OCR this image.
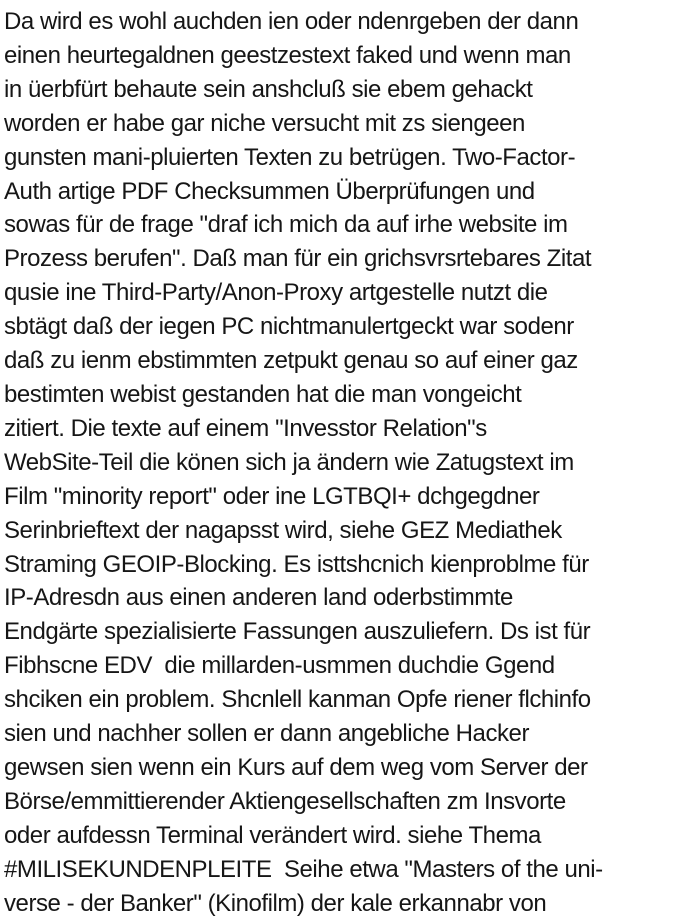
Da wird es wohl auchden ien oder ndenrgeben der dann
einen heurtegaldnen geestzestext faked und wenn man
in üerbfürt behaute sein anshcluß sie ebem gehackt
worden er habe gar niche versucht mit zs siengeen
gunsten mani-pluierten Texten zu betrügen. Two-Factor-
Auth artige PDF Checksummen Überprüfungen und
sowas für de frage "draf ich mich da auf irhe website im
Prozess berufen". Daß man für ein grichsvrsrtebares Zitat
qusie ine Third-Party/Anon-Proxy artgestelle nutzt die
sbtägt daß der iegen PC nichtmanulertgeckt war sodenr
daß zu ienm ebstimmten zetpukt genau so auf einer gaz
bestimten webist gestanden hat die man vongeicht
zitiert. Die texte auf einem "Invesstor Relation"s
WebSite-Teil die könen sich ja ändern wie Zatugstext im
Film "minority report" oder ine LGTBQI+ dchgegdner
Serinbrieftext der nagapsst wird, siehe GEZ Mediathek
Straming GEOIP-Blocking. Es isttshcnich kienproblme für
IP-Adresdn aus einen anderen land oderbstimmte
Endgärte spezialisierte Fassungen auszuliefern. Ds ist für
Fibhscne EDV  die millarden-usmmen duchdie Ggend
shciken ein problem. Shcnlell kanman Opfe riener flchinfo
sien und nachher sollen er dann angebliche Hacker
gewsen sien wenn ein Kurs auf dem weg vom Server der
Börse/emmittierender Aktiengesellschaften zm Insvorte
oder aufdessn Terminal verändert wird. siehe Thema
#MILISEKUNDENPLEITE  Seihe etwa "Masters of the uni-
verse - der Banker" (Kinofilm) der kale erkannabr von
